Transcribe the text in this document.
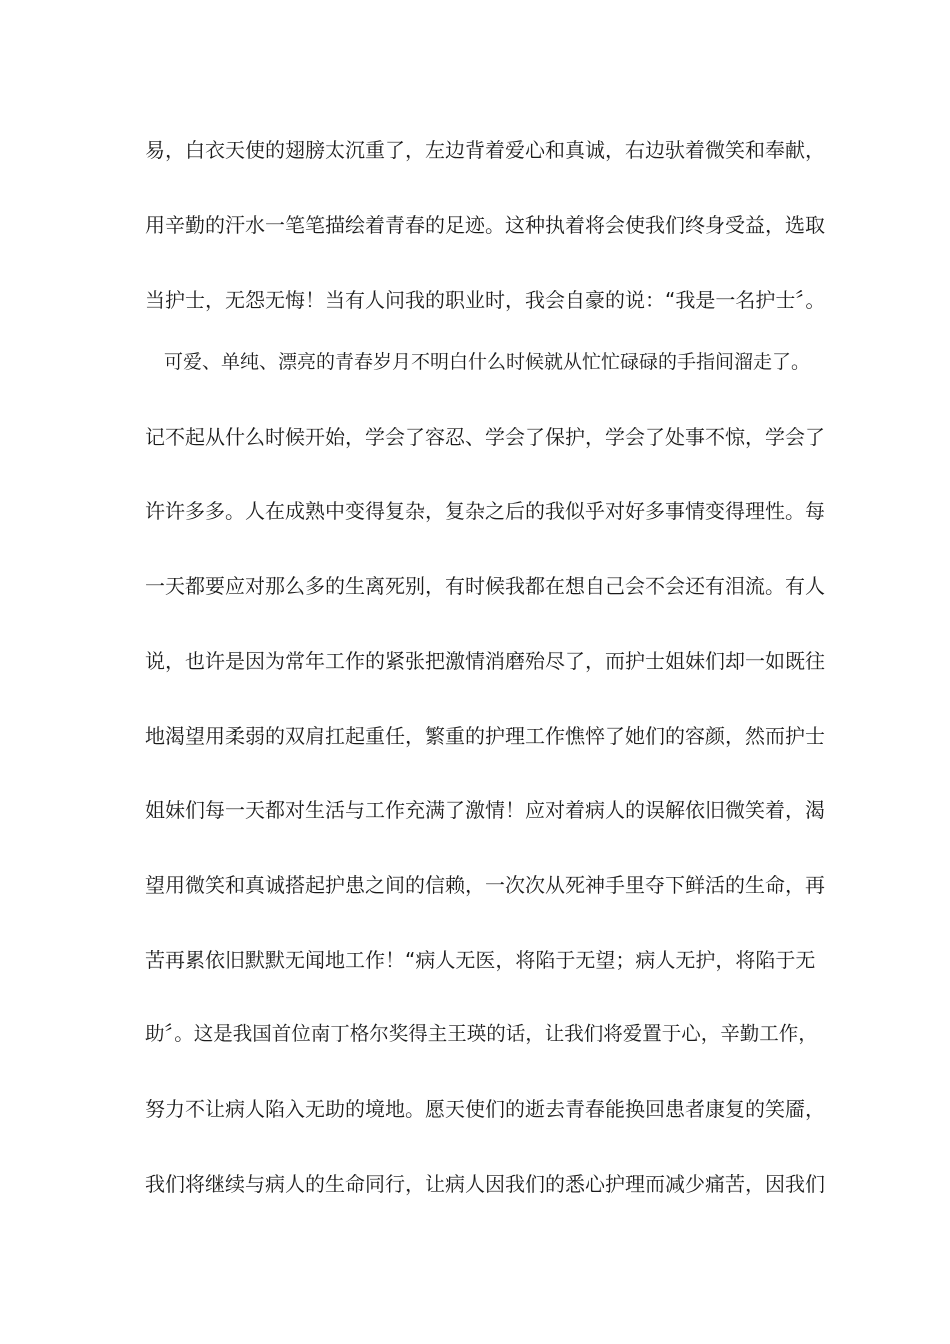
易，白衣天使的翅膀太沉重了，左边背着爱心和真诚，右边驮着微笑和奉献，
用辛勤的汗水一笔笔描绘着青春的足迹。这种执着将会使我们终身受益，选取
当护士，无怨无悔！当有人问我的职业时，我会自豪的说：“我是一名护士〞。
　可爱、单纯、漂亮的青春岁月不明白什么时候就从忙忙碌碌的手指间溜走了。
记不起从什么时候开始，学会了容忍、学会了保护，学会了处事不惊，学会了
许许多多。人在成熟中变得复杂，复杂之后的我似乎对好多事情变得理性。每
一天都要应对那么多的生离死别，有时候我都在想自己会不会还有泪流。有人
说，也许是因为常年工作的紧张把激情消磨殆尽了，而护士姐妹们却一如既往
地渴望用柔弱的双肩扛起重任，繁重的护理工作憔悴了她们的容颜，然而护士
姐妹们每一天都对生活与工作充满了激情！应对着病人的误解依旧微笑着，渴
望用微笑和真诚搭起护患之间的信赖，一次次从死神手里夺下鲜活的生命，再
苦再累依旧默默无闻地工作！“病人无医，将陷于无望；病人无护，将陷于无
助〞。这是我国首位南丁格尔奖得主王瑛的话，让我们将爱置于心，辛勤工作，
努力不让病人陷入无助的境地。愿天使们的逝去青春能换回患者康复的笑靥，
我们将继续与病人的生命同行，让病人因我们的悉心护理而减少痛苦，因我们
